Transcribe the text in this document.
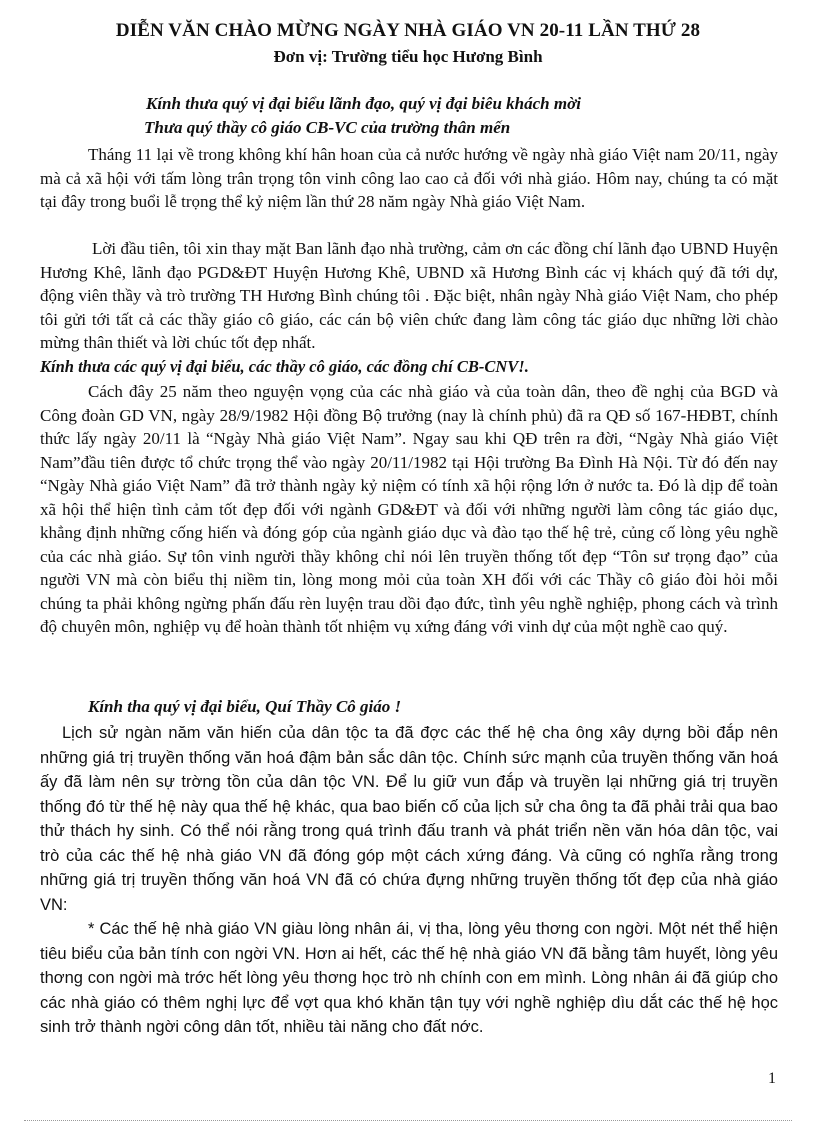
DIỄN VĂN CHÀO MỪNG NGÀY NHÀ GIÁO VN 20-11 LẦN THỨ 28
Đơn vị: Trường tiểu học Hương Bình
Kính thưa quý vị đại biểu lãnh đạo, quý vị đại biêu khách mời
Thưa quý thầy cô giáo CB-VC của trường thân mến

Tháng 11 lại về trong không khí hân hoan của cả nước hướng về ngày nhà giáo Việt nam 20/11, ngày mà cả xã hội với tấm lòng trân trọng tôn vinh công lao cao cả đối với nhà giáo. Hôm nay, chúng ta có mặt tại đây trong buổi lễ trọng thể kỷ niệm lần thứ 28 năm ngày Nhà giáo Việt Nam.

Lời đầu tiên, tôi xin thay mặt Ban lãnh đạo nhà trường, cảm ơn các đồng chí lãnh đạo UBND Huyện Hương Khê, lãnh đạo PGD&ĐT Huyện Hương Khê, UBND xã Hương Bình các vị khách quý đã tới dự, động viên thầy và trò trường TH Hương Bình chúng tôi . Đặc biệt, nhân ngày Nhà giáo Việt Nam, cho phép tôi gửi tới tất cả các thầy giáo cô giáo, các cán bộ viên chức đang làm công tác giáo dục những lời chào mừng thân thiết và lời chúc tốt đẹp nhất.

Kính thưa các quý vị đại biểu, các thầy cô giáo, các đồng chí CB-CNV!.

Cách đây 25 năm theo nguyện vọng của các nhà giáo và của toàn dân, theo đề nghị của BGD và Công đoàn GD VN, ngày 28/9/1982 Hội đồng Bộ trưởng (nay là chính phủ) đã ra QĐ số 167-HĐBT, chính thức lấy ngày 20/11 là “Ngày Nhà giáo Việt Nam”. Ngay sau khi QĐ trên ra đời, “Ngày Nhà giáo Việt Nam”đầu tiên được tổ chức trọng thể vào ngày 20/11/1982 tại Hội trường Ba Đình Hà Nội. Từ đó đến nay “Ngày Nhà giáo Việt Nam” đã trở thành ngày kỷ niệm có tính xã hội rộng lớn ở nước ta. Đó là dịp để toàn xã hội thể hiện tình cảm tốt đẹp đối với ngành GD&ĐT và đối với những người làm công tác giáo dục, khẳng định những cống hiến và đóng góp của ngành giáo dục và đào tạo thế hệ trẻ, củng cố lòng yêu nghề của các nhà giáo. Sự tôn vinh người thầy không chỉ nói lên truyền thống tốt đẹp “Tôn sư trọng đạo” của người VN mà còn biểu thị niềm tin, lòng mong mỏi của toàn XH đối với các Thầy cô giáo đòi hỏi mỗi chúng ta phải không ngừng phấn đấu rèn luyện trau dồi đạo đức, tình yêu nghề nghiệp, phong cách và trình độ chuyên môn, nghiệp vụ để hoàn thành tốt nhiệm vụ xứng đáng với vinh dự của một nghề cao quý.

Kính tha quý vị đại biểu, Quí Thầy Cô giáo !

Lịch sử ngàn năm văn hiến của dân tộc ta đã đợc các thế hệ cha ông xây dựng bồi đắp nên những giá trị truyền thống văn hoá đậm bản sắc dân tộc. Chính sức mạnh của truyền thống văn hoá ấy đã làm nên sự trờng tồn của dân tộc VN. Để lu giữ vun đắp và truyền lại những giá trị truyền thống đó từ thế hệ này qua thế hệ khác, qua bao biến cố của lịch sử cha ông ta đã phải trải qua bao thử thách hy sinh. Có thể nói rằng trong quá trình đấu tranh và phát triển nền văn hóa dân tộc, vai trò của các thế hệ nhà giáo VN đã đóng góp một cách xứng đáng. Và cũng có nghĩa rằng trong những giá trị truyền thống văn hoá VN đã có chứa đựng những truyền thống tốt đẹp của nhà giáo VN:

* Các thế hệ nhà giáo VN giàu lòng nhân ái, vị tha, lòng yêu thơng con ngời. Một nét thể hiện tiêu biểu của bản tính con ngời VN. Hơn ai hết, các thế hệ nhà giáo VN đã bằng tâm huyết, lòng yêu thơng con ngời mà trớc hết lòng yêu thơng học trò nh chính con em mình. Lòng nhân ái đã giúp cho các nhà giáo có thêm nghị lực để vợt qua khó khăn tận tụy với nghề nghiệp dìu dắt các thế hệ học sinh trở thành ngời công dân tốt, nhiều tài năng cho đất nớc.

1
